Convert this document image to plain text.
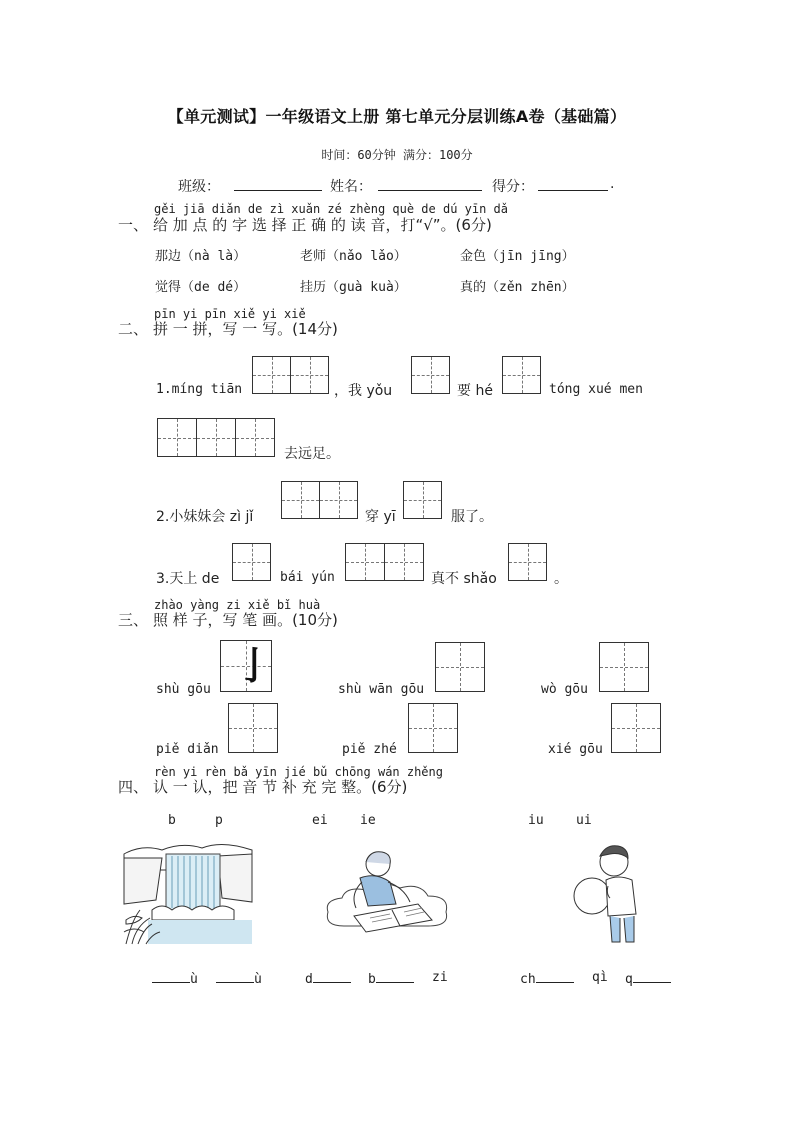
【单元测试】一年级语文上册 第七单元分层训练A卷（基础篇）
时间：60分钟 满分：100分
班级：	姓名：	得分：	.
gěi jiā diǎn de zì xuǎn zé zhèng què de dú yīn dǎ
一、 给 加 点 的 字 选 择 正 确 的 读 音，打“√”。(6分)
那边（nà là）	老师（nǎo lǎo）	金色（jīn jīng）
觉得（de dé）	挂历（guà kuà）	真的（zěn zhēn）
pīn yi pīn xiě yi xiě
二、 拼 一 拼，写 一 写。(14分)
1.míng tiān	，我 yǒu	要 hé	tóng xué men
去远足。
2.小妹妹会 zì jǐ	穿 yī	服了。
3.天上 de	bái yún	真不 shǎo	。
zhào yàng zi xiě bǐ huà
三、 照 样 子，写 笔 画。(10分)
shù gōu
亅
shù wān gōu	wò gōu
piě diǎn	piě zhé	xié gōu
rèn yi rèn bǎ yīn jié bǔ chōng wán zhěng
四、 认 一 认，把 音 节 补 充 完 整。(6分)
b	p	ei ie	iu ui
ù	ù	d	b	zi	ch	qì q
